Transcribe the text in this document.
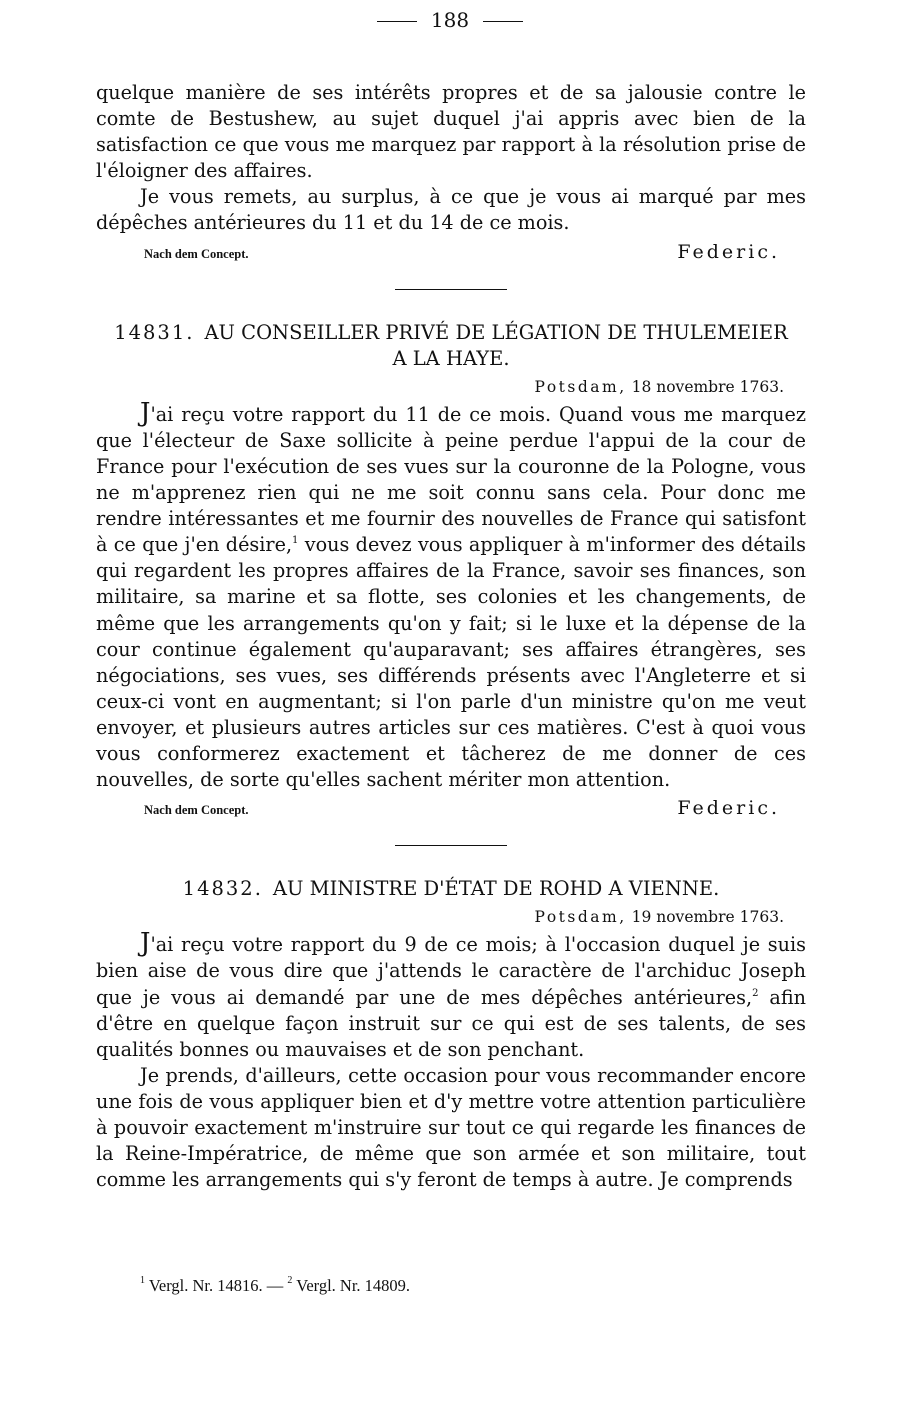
188

quelque manière de ses intérêts propres et de sa jalousie contre le comte de Bestushew, au sujet duquel j'ai appris avec bien de la satisfaction ce que vous me marquez par rapport à la résolution prise de l'éloigner des affaires.

Je vous remets, au surplus, à ce que je vous ai marqué par mes dépêches antérieures du 11 et du 14 de ce mois.

Nach dem Concept.	Federic.
14831. AU CONSEILLER PRIVÉ DE LÉGATION DE THULEMEIER A LA HAYE.
Potsdam, 18 novembre 1763.

J'ai reçu votre rapport du 11 de ce mois. Quand vous me marquez que l'électeur de Saxe sollicite à peine perdue l'appui de la cour de France pour l'exécution de ses vues sur la couronne de la Pologne, vous ne m'apprenez rien qui ne me soit connu sans cela. Pour donc me rendre intéressantes et me fournir des nouvelles de France qui satisfont à ce que j'en désire,$^1$ vous devez vous appliquer à m'informer des détails qui regardent les propres affaires de la France, savoir ses finances, son militaire, sa marine et sa flotte, ses colonies et les changements, de même que les arrangements qu'on y fait; si le luxe et la dépense de la cour continue également qu'auparavant; ses affaires étrangères, ses négociations, ses vues, ses différends présents avec l'Angleterre et si ceux-ci vont en augmentant; si l'on parle d'un ministre qu'on me veut envoyer, et plusieurs autres articles sur ces matières. C'est à quoi vous vous conformerez exactement et tâcherez de me donner de ces nouvelles, de sorte qu'elles sachent mériter mon attention.

Nach dem Concept.	Federic.
14832. AU MINISTRE D'ÉTAT DE ROHD A VIENNE.
Potsdam, 19 novembre 1763.

J'ai reçu votre rapport du 9 de ce mois; à l'occasion duquel je suis bien aise de vous dire que j'attends le caractère de l'archiduc Joseph que je vous ai demandé par une de mes dépêches antérieures,$^2$ afin d'être en quelque façon instruit sur ce qui est de ses talents, de ses qualités bonnes ou mauvaises et de son penchant.

Je prends, d'ailleurs, cette occasion pour vous recommander encore une fois de vous appliquer bien et d'y mettre votre attention particulière à pouvoir exactement m'instruire sur tout ce qui regarde les finances de la Reine-Impératrice, de même que son armée et son militaire, tout comme les arrangements qui s'y feront de temps à autre. Je comprends

$^1$ Vergl. Nr. 14816. — $^2$ Vergl. Nr. 14809.
